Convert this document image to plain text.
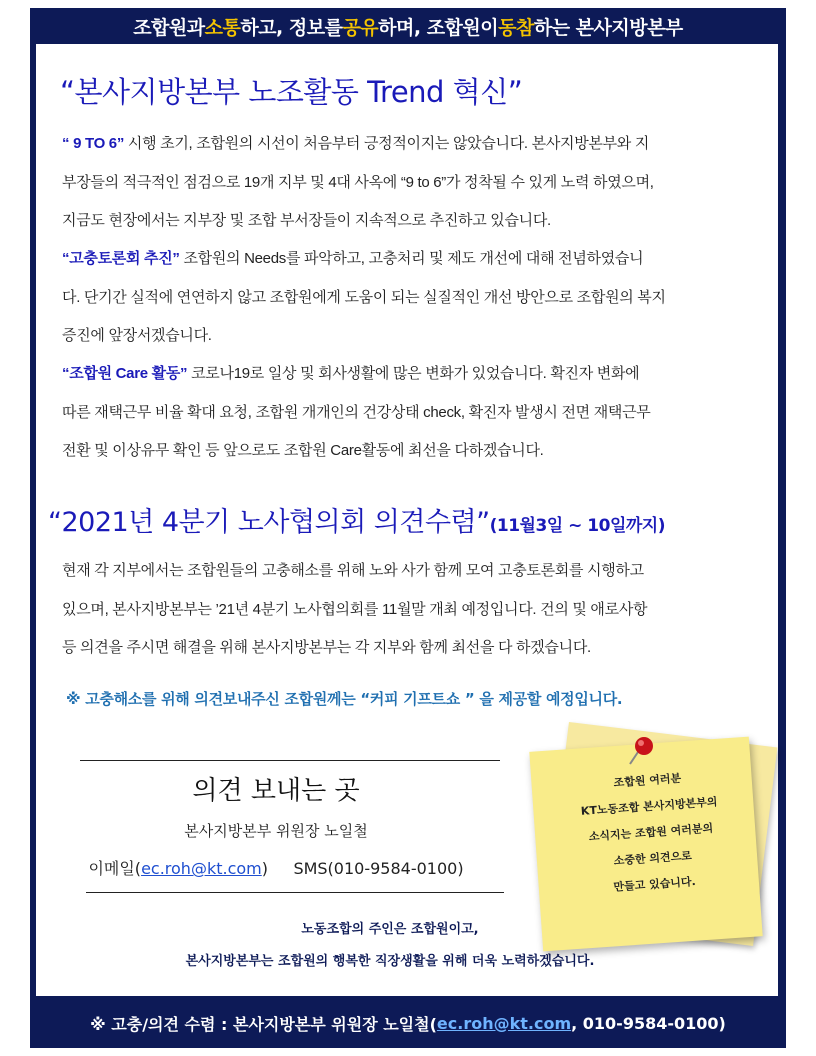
조합원과 소통 하고, 정보를 공유 하며, 조합원이 동참 하는 본사지방본부
“본사지방본부 노조활동 Trend 혁신”

“ 9 TO 6” 시행 초기, 조합원의 시선이 처음부터 긍정적이지는 않았습니다. 본사지방본부와 지
부장들의 적극적인 점검으로 19개 지부 및 4대 사옥에 “9 to 6”가 정착될 수 있게 노력 하였으며,
지금도 현장에서는 지부장 및 조합 부서장들이 지속적으로 추진하고 있습니다.

“고충토론회 추진” 조합원의 Needs를 파악하고, 고충처리 및 제도 개선에 대해 전념하였습니
다. 단기간 실적에 연연하지 않고 조합원에게 도움이 되는 실질적인 개선 방안으로 조합원의 복지
증진에 앞장서겠습니다.

“조합원 Care 활동” 코로나19로 일상 및 회사생활에 많은 변화가 있었습니다. 확진자 변화에
따른 재택근무 비율 확대 요청, 조합원 개개인의 건강상태 check, 확진자 발생시 전면 재택근무
전환 및 이상유무 확인 등 앞으로도 조합원 Care활동에 최선을 다하겠습니다.

“2021년 4분기 노사협의회 의견수렴”(11월3일 ~ 10일까지)

현재 각 지부에서는 조합원들의 고충해소를 위해 노와 사가 함께 모여 고충토론회를 시행하고
있으며, 본사지방본부는 ’21년 4분기 노사협의회를 11월말 개최 예정입니다. 건의 및 애로사항
등 의견을 주시면 해결을 위해 본사지방본부는 각 지부와 함께 최선을 다 하겠습니다.

※ 고충해소를 위해 의견보내주신 조합원께는 “커피 기프트쇼 ” 을 제공할 예정입니다.

의견 보내는 곳

본사지방본부 위원장 노일철
이메일(ec.roh@kt.com) SMS(010-9584-0100)

노동조합의 주인은 조합원이고,

본사지방본부는 조합원의 행복한 직장생활을 위해 더욱 노력하겠습니다.

조합원 여러분
KT노동조합 본사지방본부의
소식지는 조합원 여러분의
소중한 의견으로
만들고 있습니다.
※ 고충/의견 수렴 : 본사지방본부 위원장 노일철( ec.roh@kt.com , 010-9584-0100)
